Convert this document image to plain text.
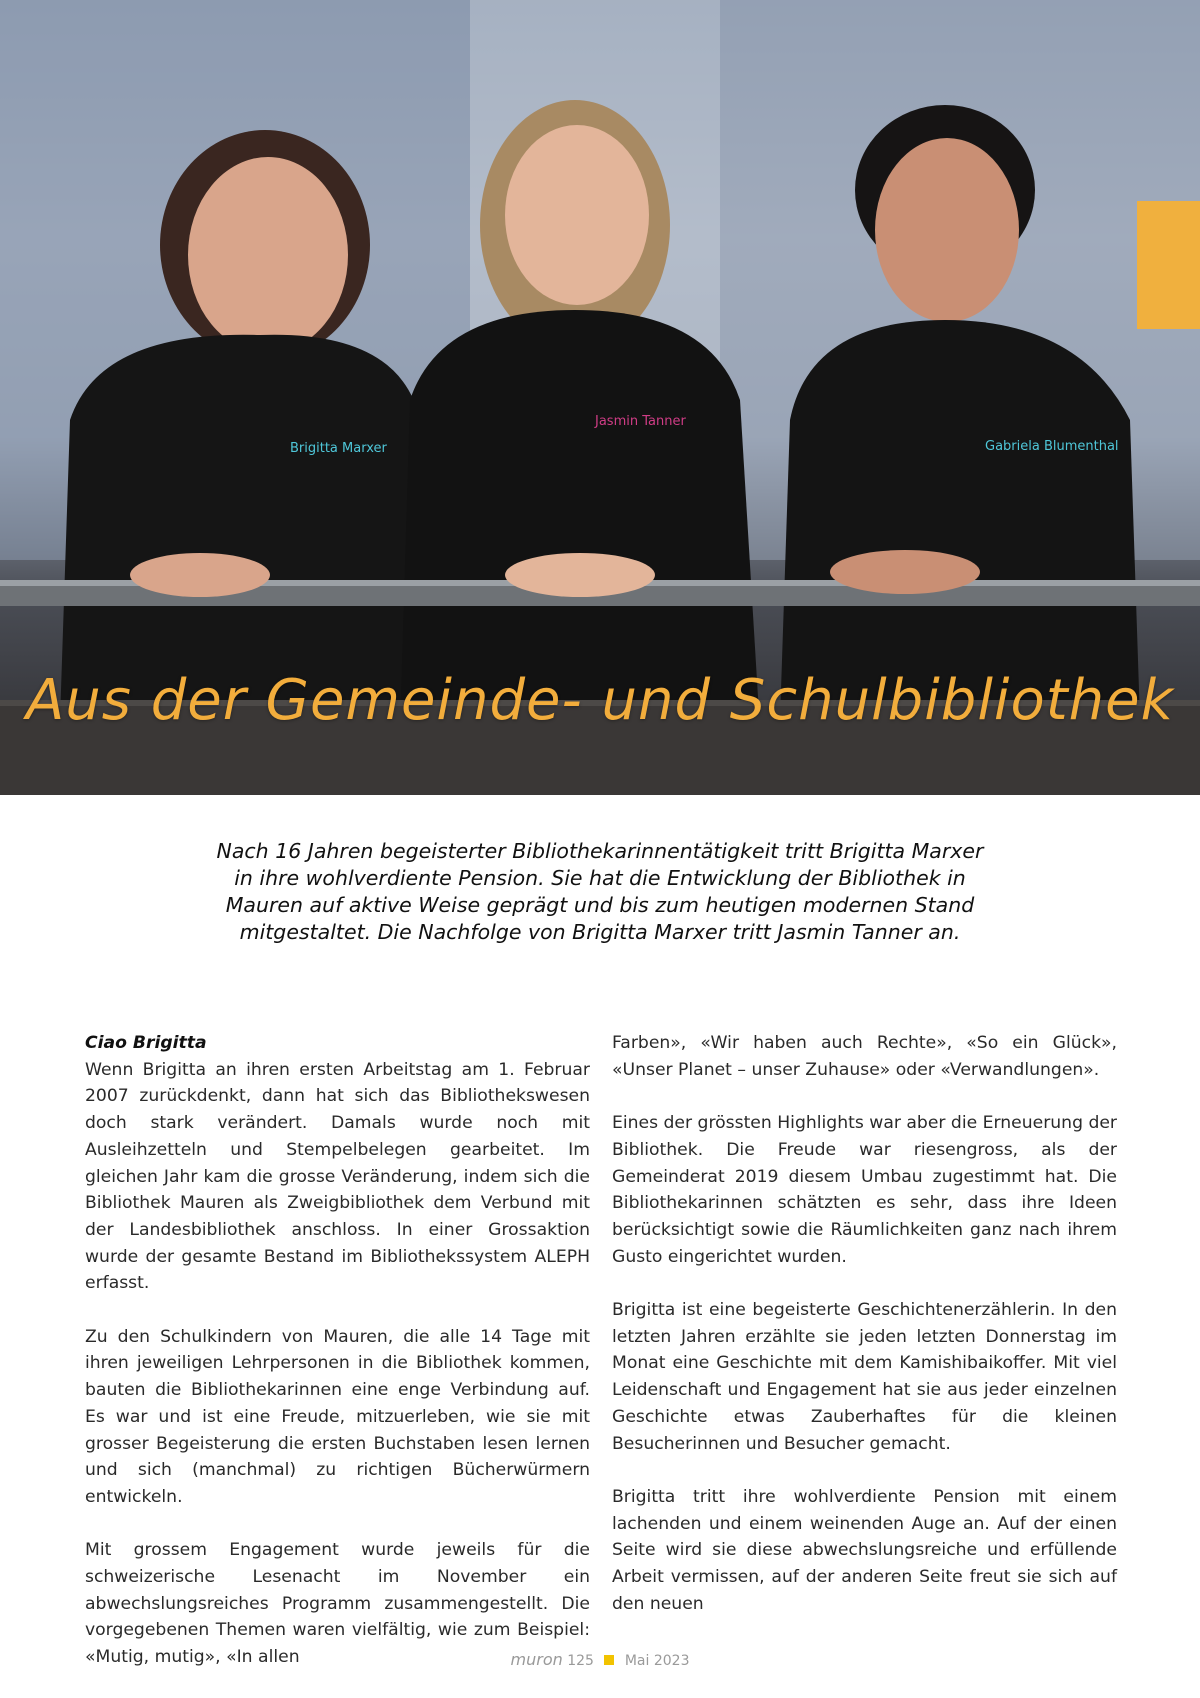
Brigitta Marxer
Jasmin Tanner
Gabriela Blumenthal
Aus der Gemeinde- und Schulbibliothek

Nach 16 Jahren begeisterter Bibliothekarinnentätigkeit tritt Brigitta Marxer in ihre wohlverdiente Pension. Sie hat die Entwicklung der Bibliothek in Mauren auf aktive Weise geprägt und bis zum heutigen modernen Stand mitgestaltet. Die Nachfolge von Brigitta Marxer tritt Jasmin Tanner an.

Ciao Brigitta
Wenn Brigitta an ihren ersten Arbeitstag am 1. Februar 2007 zurückdenkt, dann hat sich das Bibliothekswesen doch stark verändert. Damals wurde noch mit Ausleihzetteln und Stempelbelegen gearbeitet. Im gleichen Jahr kam die grosse Veränderung, indem sich die Bibliothek Mauren als Zweigbibliothek dem Verbund mit der Landesbibliothek anschloss. In einer Grossaktion wurde der gesamte Bestand im Bibliothekssystem ALEPH erfasst.

Zu den Schulkindern von Mauren, die alle 14 Tage mit ihren jeweiligen Lehrpersonen in die Bibliothek kommen, bauten die Bibliothekarinnen eine enge Verbindung auf. Es war und ist eine Freude, mitzuerleben, wie sie mit grosser Begeisterung die ersten Buchstaben lesen lernen und sich (manchmal) zu richtigen Bücherwürmern entwickeln.

Mit grossem Engagement wurde jeweils für die schweizerische Lesenacht im November ein abwechslungsreiches Programm zusammengestellt. Die vorgegebenen Themen waren vielfältig, wie zum Beispiel: «Mutig, mutig», «In allen

Farben», «Wir haben auch Rechte», «So ein Glück», «Unser Planet – unser Zuhause» oder «Verwandlungen».

Eines der grössten Highlights war aber die Erneuerung der Bibliothek. Die Freude war riesengross, als der Gemeinderat 2019 diesem Umbau zugestimmt hat. Die Bibliothekarinnen schätzten es sehr, dass ihre Ideen berücksichtigt sowie die Räumlichkeiten ganz nach ihrem Gusto eingerichtet wurden.

Brigitta ist eine begeisterte Geschichtenerzählerin. In den letzten Jahren erzählte sie jeden letzten Donnerstag im Monat eine Geschichte mit dem Kamishibaikoffer. Mit viel Leidenschaft und Engagement hat sie aus jeder einzelnen Geschichte etwas Zauberhaftes für die kleinen Besucherinnen und Besucher gemacht.

Brigitta tritt ihre wohlverdiente Pension mit einem lachenden und einem weinenden Auge an. Auf der einen Seite wird sie diese abwechslungsreiche und erfüllende Arbeit vermissen, auf der anderen Seite freut sie sich auf den neuen

muron 125 Mai 2023
